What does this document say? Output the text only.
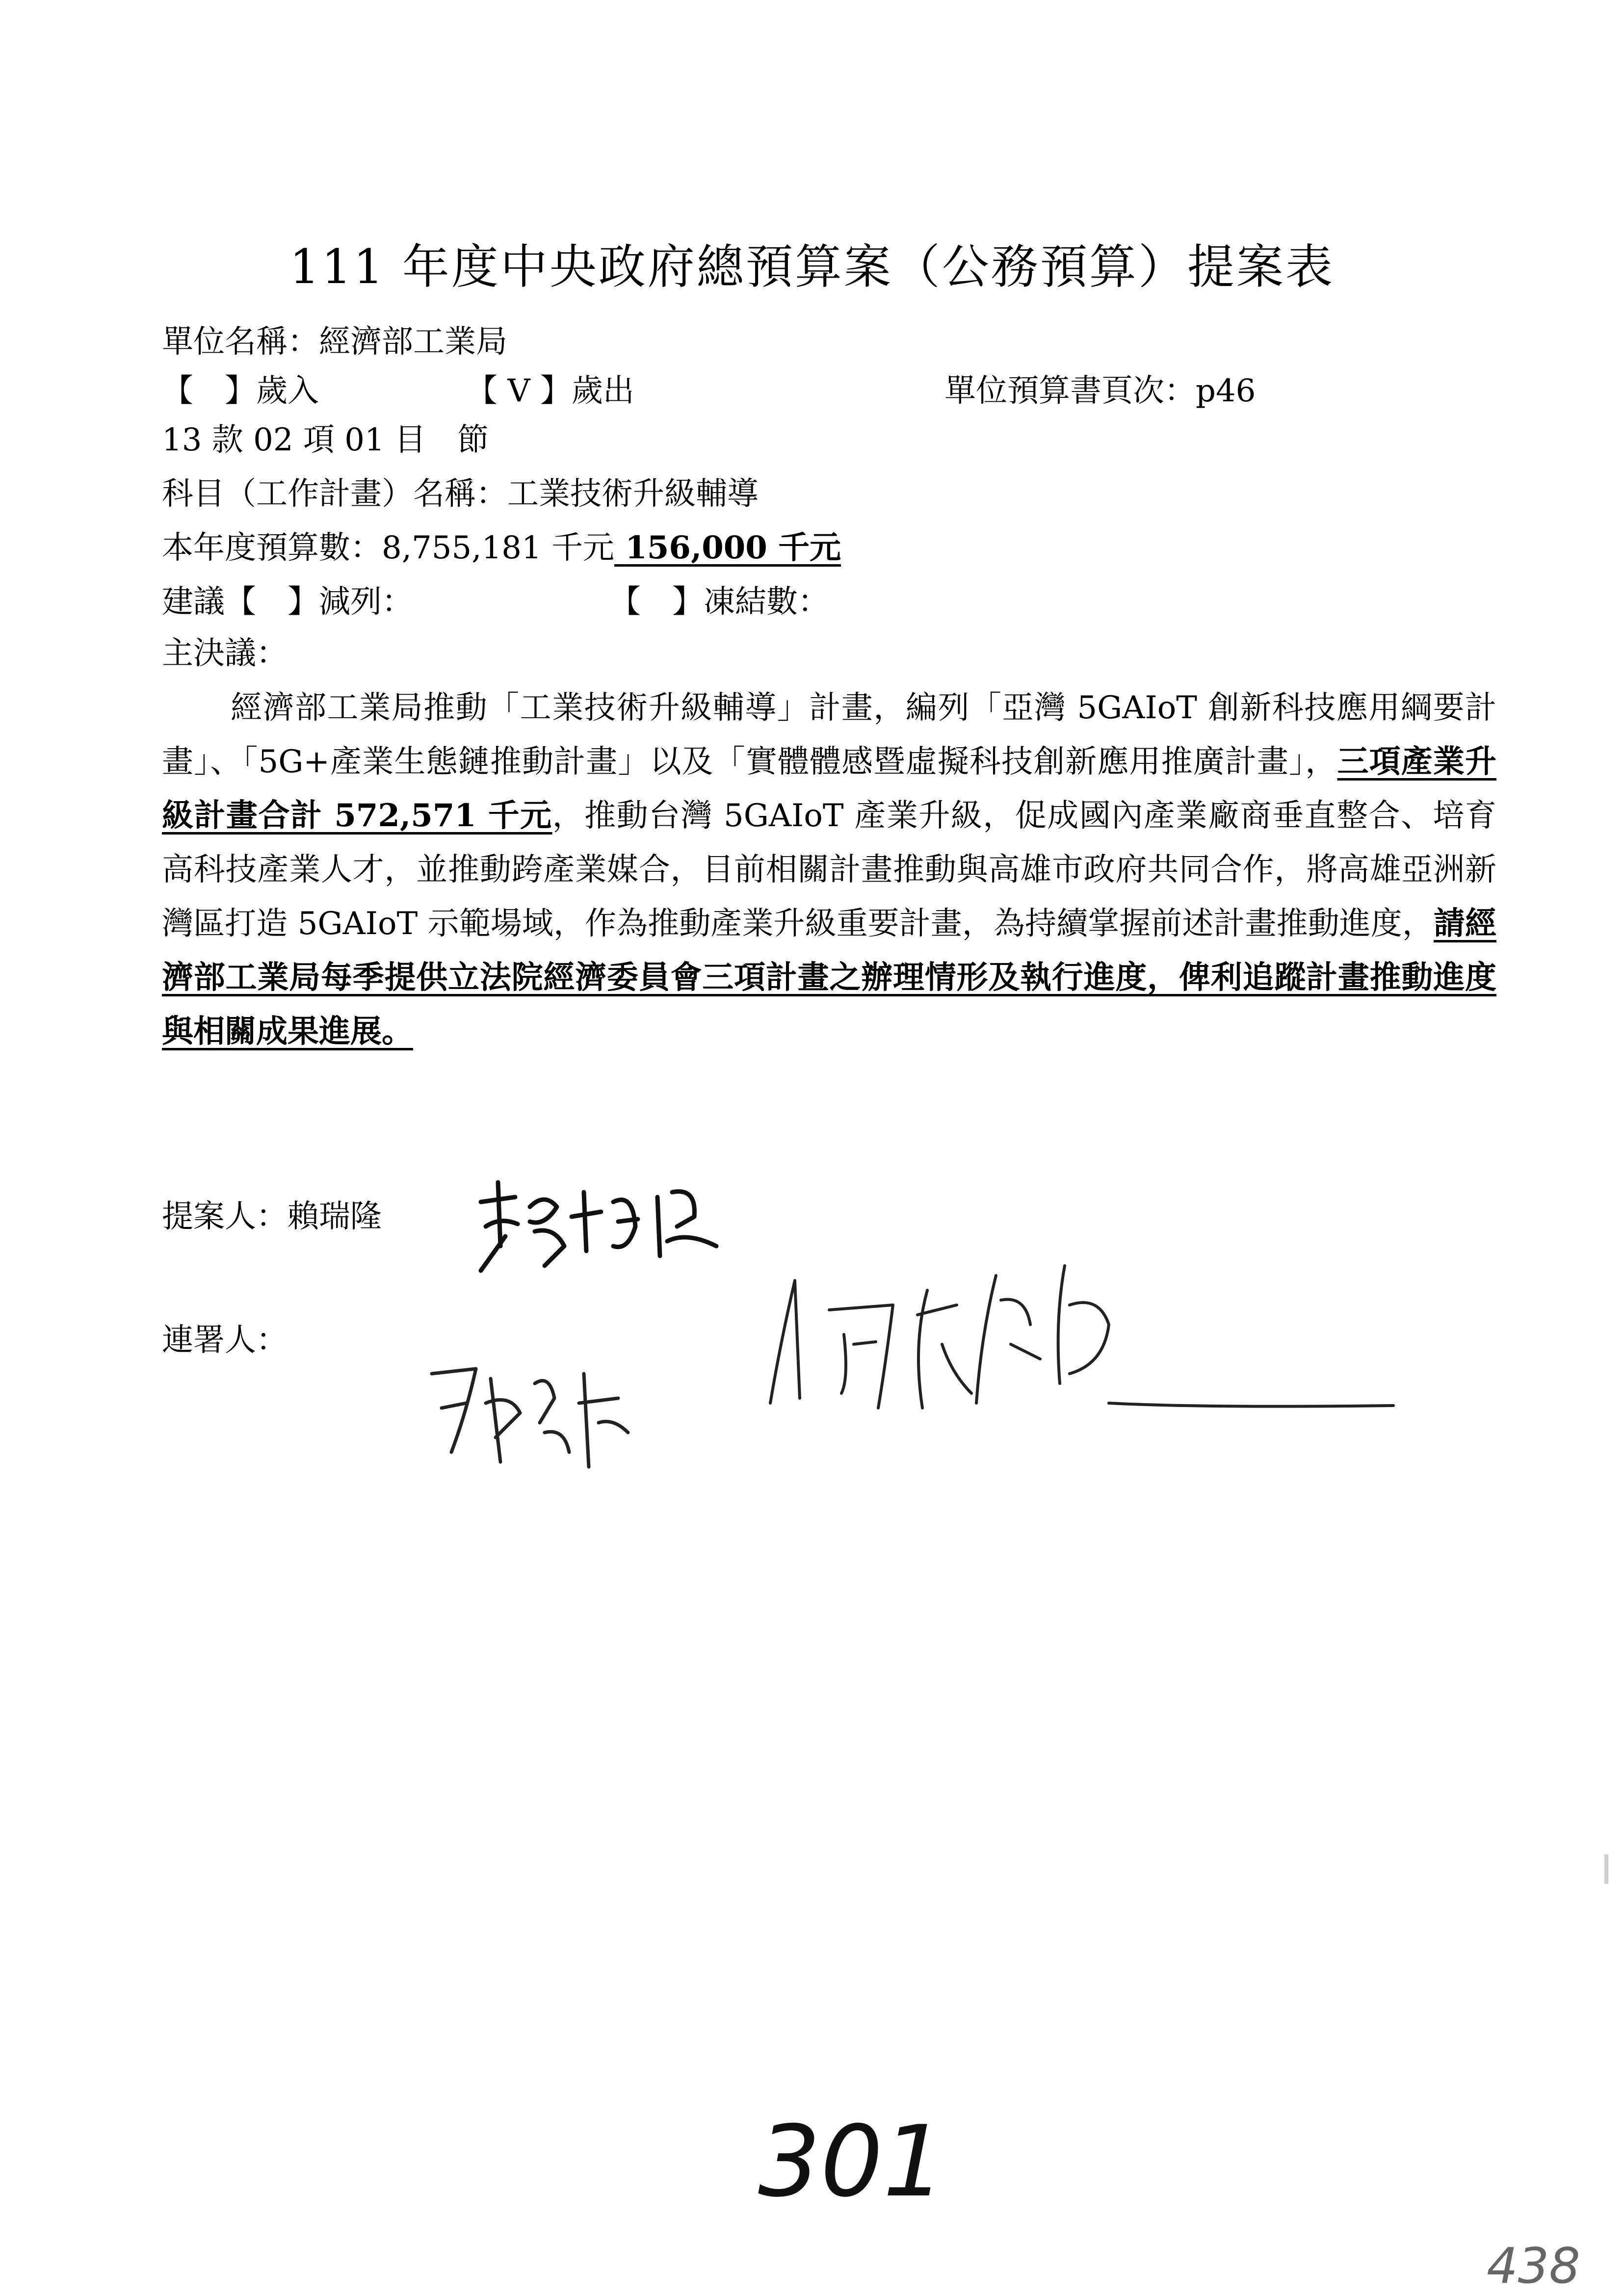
111 年度中央政府總預算案（公務預算）提案表
單位名稱：經濟部工業局
【　】歲入	【 V 】歲出	單位預算書頁次：p46
13 款 02 項 01 目　節
科目（工作計畫）名稱：工業技術升級輔導
本年度預算數：8,755,181 千元 156,000 千元
建議【　】減列：	【　】凍結數：
主決議：
經濟部工業局推動「工業技術升級輔導」計畫，編列「亞灣 5GAIoT 創新科技應用綱要計畫」、「5G+產業生態鏈推動計畫」以及「實體體感暨虛擬科技創新應用推廣計畫」，三項產業升級計畫合計 572,571 千元，推動台灣 5GAIoT 產業升級，促成國內產業廠商垂直整合、培育高科技產業人才，並推動跨產業媒合，目前相關計畫推動與高雄市政府共同合作，將高雄亞洲新灣區打造 5GAIoT 示範場域，作為推動產業升級重要計畫，為持續掌握前述計畫推動進度，請經濟部工業局每季提供立法院經濟委員會三項計畫之辦理情形及執行進度，俾利追蹤計畫推動進度與相關成果進展。
提案人：賴瑞隆
連署人：
301
438
